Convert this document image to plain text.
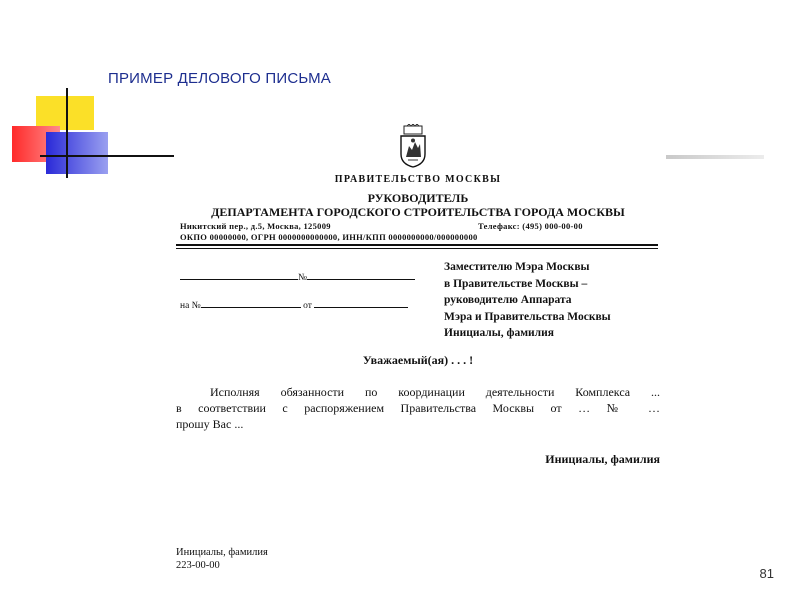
ПРИМЕР ДЕЛОВОГО ПИСЬМА
81
ПРАВИТЕЛЬСТВО МОСКВЫ
РУКОВОДИТЕЛЬ
ДЕПАРТАМЕНТА ГОРОДСКОГО СТРОИТЕЛЬСТВА ГОРОДА МОСКВЫ
Никитский пер., д.5, Москва, 125009	Телефакс: (495) 000-00-00
ОКПО 00000000, ОГРН 0000000000000, ИНН/КПП 0000000000/000000000
№
на №	от
Заместителю Мэра Москвы
в Правительстве Москвы –
руководителю Аппарата
Мэра и Правительства Москвы
Инициалы, фамилия
Уважаемый(ая) . . . !
Исполняя обязанности по координации деятельности Комплекса ...
в соответствии с распоряжением Правительства Москвы от … № …
прошу Вас ...
Инициалы, фамилия
Инициалы, фамилия
223-00-00
